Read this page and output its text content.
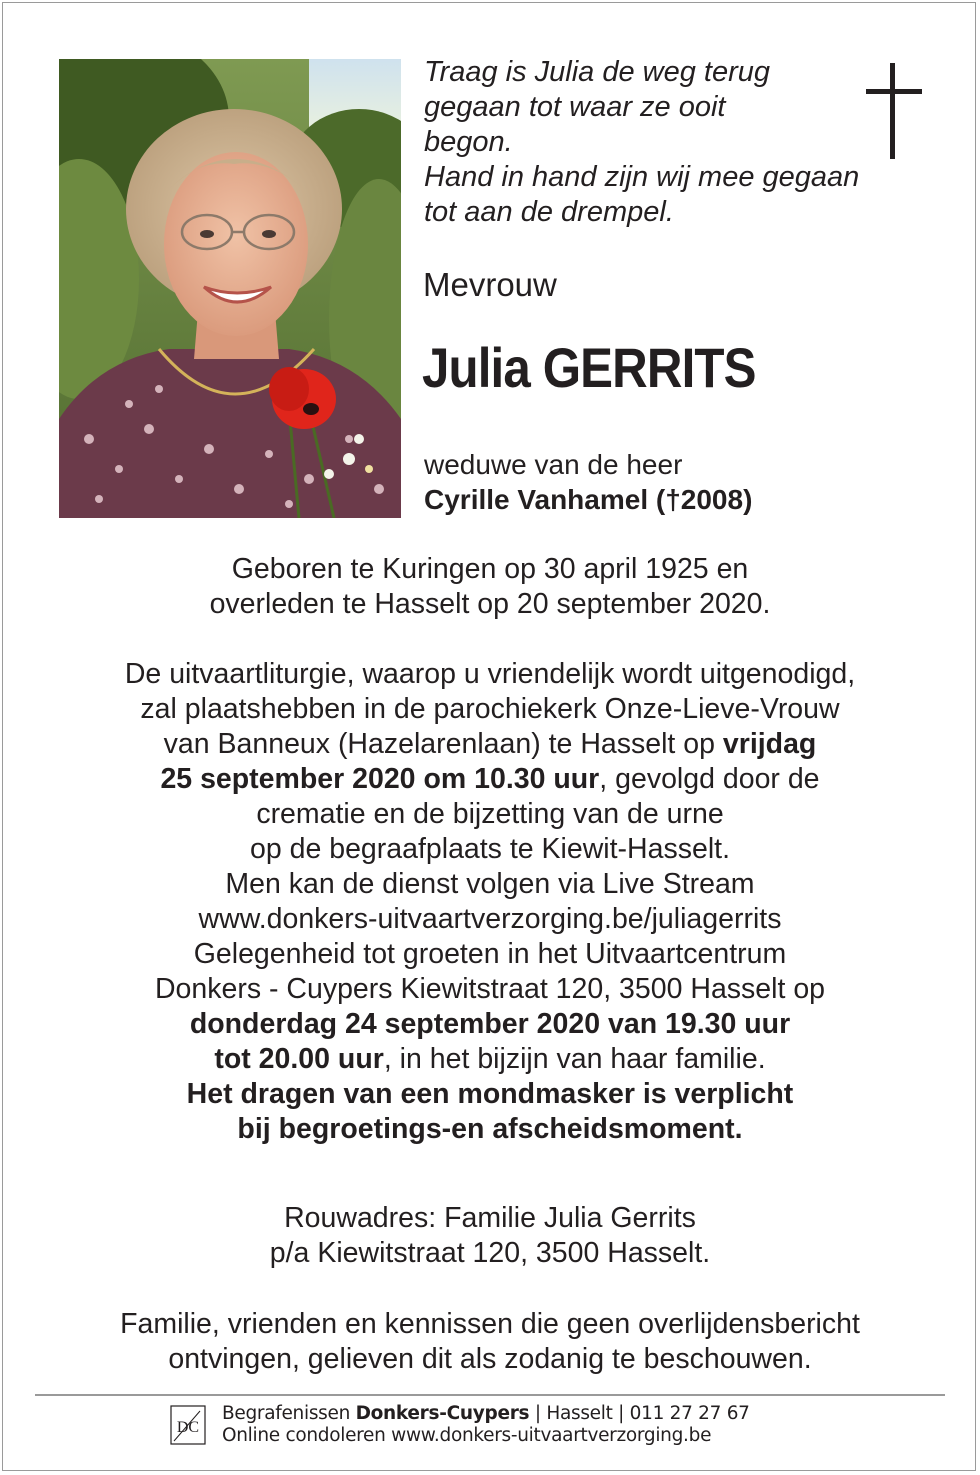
Traag is Julia de weg terug
gegaan tot waar ze ooit
begon.
Hand in hand zijn wij mee gegaan
tot aan de drempel.
Mevrouw
Julia GERRITS
weduwe van de heer
Cyrille Vanhamel (†2008)
Geboren te Kuringen op 30 april 1925 en
overleden te Hasselt op 20 september 2020.
De uitvaartliturgie, waarop u vriendelijk wordt uitgenodigd,
zal plaatshebben in de parochiekerk Onze-Lieve-Vrouw
van Banneux (Hazelarenlaan) te Hasselt op vrijdag
25 september 2020 om 10.30 uur, gevolgd door de
crematie en de bijzetting van de urne
op de begraafplaats te Kiewit-Hasselt.
Men kan de dienst volgen via Live Stream
www.donkers-uitvaartverzorging.be/juliagerrits
Gelegenheid tot groeten in het Uitvaartcentrum
Donkers - Cuypers Kiewitstraat 120, 3500 Hasselt op
donderdag 24 september 2020 van 19.30 uur
tot 20.00 uur, in het bijzijn van haar familie.
Het dragen van een mondmasker is verplicht
bij begroetings-en afscheidsmoment.
Rouwadres: Familie Julia Gerrits
p/a Kiewitstraat 120, 3500 Hasselt.
Familie, vrienden en kennissen die geen overlijdensbericht
ontvingen, gelieven dit als zodanig te beschouwen.
DC
Begrafenissen Donkers-Cuypers | Hasselt | 011 27 27 67
Online condoleren www.donkers-uitvaartverzorging.be
